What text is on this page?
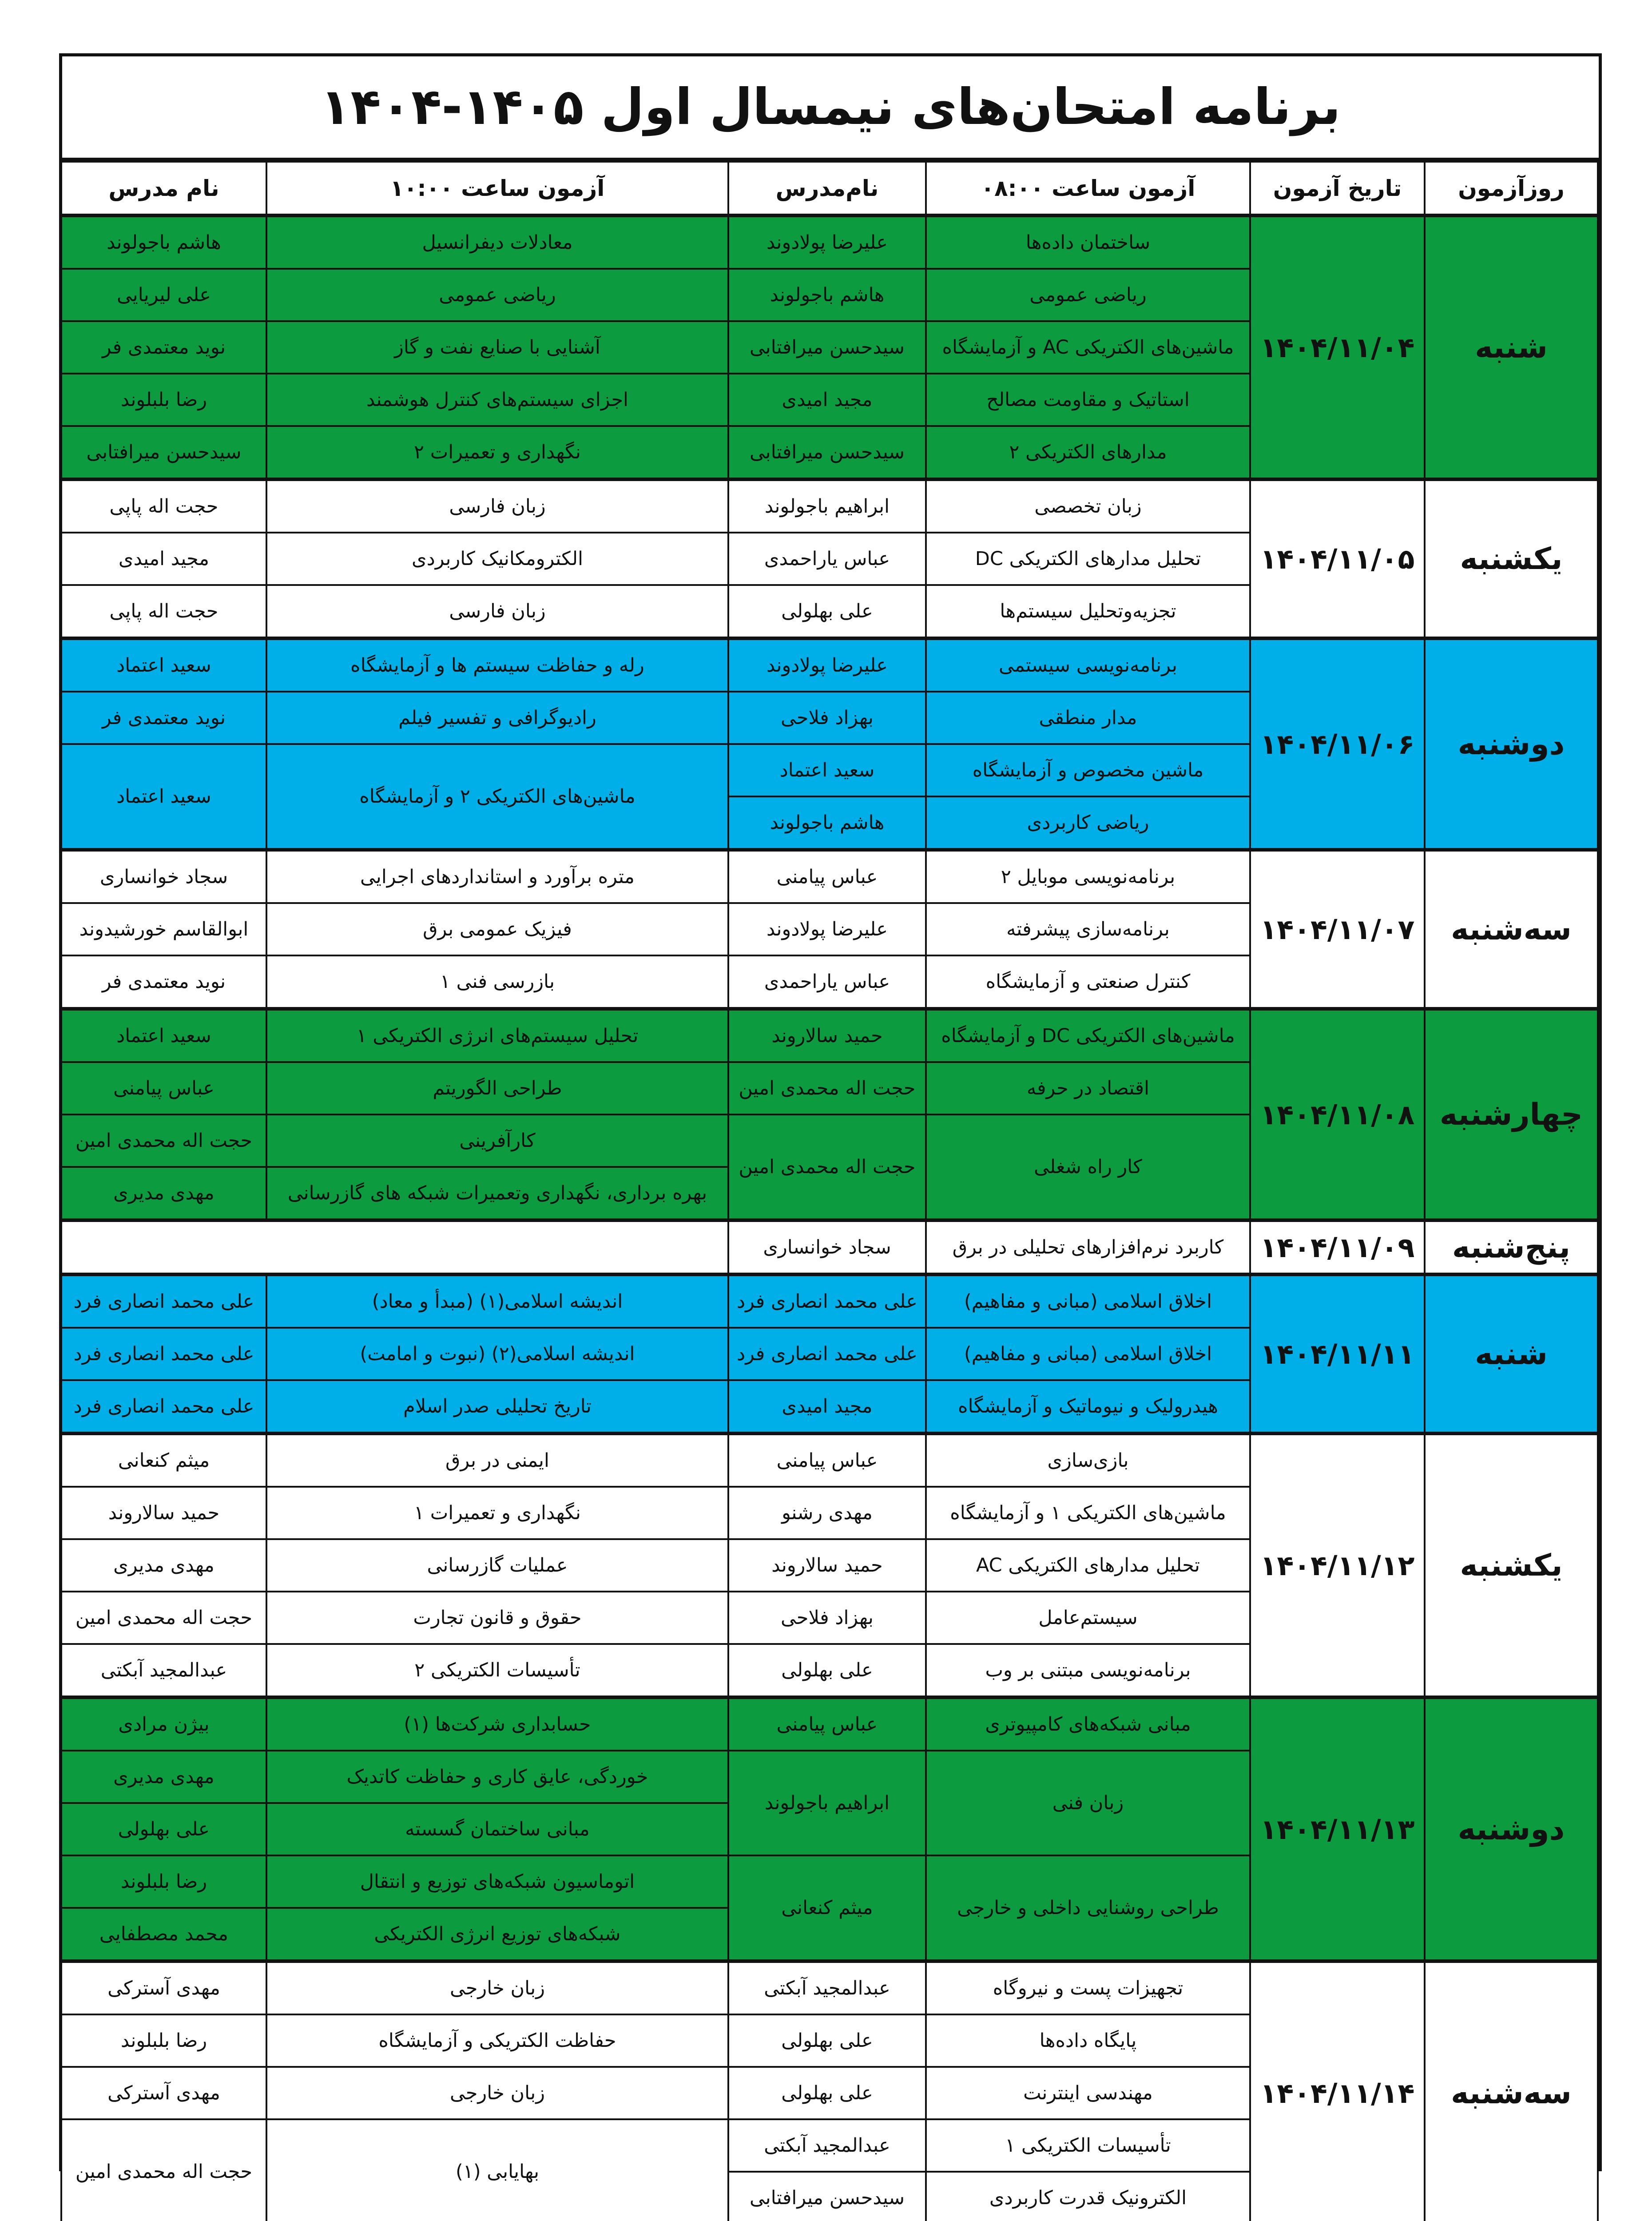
برنامه امتحان‌های نیمسال اول ۱۴۰۵-۱۴۰۴
روزآزمون	تاریخ آزمون	آزمون ساعت ۰۸:۰۰	نام‌مدرس	آزمون ساعت ۱۰:۰۰	نام مدرس
شنبه	۱۴۰۴/۱۱/۰۴	ساختمان داده‌ها	علیرضا پولادوند	معادلات دیفرانسیل	هاشم باجولوند
		ریاضی عمومی	هاشم باجولوند	ریاضی عمومی	علی لیریایی
		ماشین‌های الکتریکی AC و آزمایشگاه	سیدحسن میرافتابی	آشنایی با صنایع نفت و گاز	نوید معتمدی فر
		استاتیک و مقاومت مصالح	مجید امیدی	اجزای سیستم‌های کنترل هوشمند	رضا بلبلوند
		مدارهای الکتریکی ۲	سیدحسن میرافتابی	نگهداری و تعمیرات ۲	سیدحسن میرافتابی
یکشنبه	۱۴۰۴/۱۱/۰۵	زبان تخصصی	ابراهیم باجولوند	زبان فارسی	حجت اله پاپی
		تحلیل مدارهای الکتریکی DC	عباس یاراحمدی	الکترومکانیک کاربردی	مجید امیدی
		تجزیه‌وتحلیل سیستم‌ها	علی بهلولی	زبان فارسی	حجت اله پاپی
دوشنبه	۱۴۰۴/۱۱/۰۶	برنامه‌نویسی سیستمی	علیرضا پولادوند	رله و حفاظت سیستم ها و آزمایشگاه	سعید اعتماد
		مدار منطقی	بهزاد فلاحی	رادیوگرافی و تفسیر فیلم	نوید معتمدی فر
		ماشین مخصوص و آزمایشگاه	سعید اعتماد	ماشین‌های الکتریکی ۲ و آزمایشگاه	سعید اعتماد
		ریاضی کاربردی	هاشم باجولوند		
سه‌شنبه	۱۴۰۴/۱۱/۰۷	برنامه‌نویسی موبایل ۲	عباس پیامنی	متره برآورد و استانداردهای اجرایی	سجاد خوانساری
		برنامه‌سازی پیشرفته	علیرضا پولادوند	فیزیک عمومی برق	ابوالقاسم خورشیدوند
		کنترل صنعتی و آزمایشگاه	عباس یاراحمدی	بازرسی فنی ۱	نوید معتمدی فر
چهارشنبه	۱۴۰۴/۱۱/۰۸	ماشین‌های الکتریکی DC و آزمایشگاه	حمید سالاروند	تحلیل سیستم‌های انرژی الکتریکی ۱	سعید اعتماد
		اقتصاد در حرفه	حجت اله محمدی امین	طراحی الگوریتم	عباس پیامنی
		کار راه شغلی	حجت اله محمدی امین	کارآفرینی	حجت اله محمدی امین
				بهره برداری، نگهداری وتعمیرات شبکه های گازرسانی	مهدی مدیری
پنج‌شنبه	۱۴۰۴/۱۱/۰۹	کاربرد نرم‌افزارهای تحلیلی در برق	سجاد خوانساری		
شنبه	۱۴۰۴/۱۱/۱۱	اخلاق اسلامی (مبانی و مفاهیم)	علی محمد انصاری فرد	اندیشه اسلامی(۱) (مبدأ و معاد)	علی محمد انصاری فرد
		اخلاق اسلامی (مبانی و مفاهیم)	علی محمد انصاری فرد	اندیشه اسلامی(۲) (نبوت و امامت)	علی محمد انصاری فرد
		هیدرولیک و نیوماتیک و آزمایشگاه	مجید امیدی	تاریخ تحلیلی صدر اسلام	علی محمد انصاری فرد
یکشنبه	۱۴۰۴/۱۱/۱۲	بازی‌سازی	عباس پیامنی	ایمنی در برق	میثم کنعانی
		ماشین‌های الکتریکی ۱ و آزمایشگاه	مهدی رشنو	نگهداری و تعمیرات ۱	حمید سالاروند
		تحلیل مدارهای الکتریکی AC	حمید سالاروند	عملیات گازرسانی	مهدی مدیری
		سیستم‌عامل	بهزاد فلاحی	حقوق و قانون تجارت	حجت اله محمدی امین
		برنامه‌نویسی مبتنی بر وب	علی بهلولی	تأسیسات الکتریکی ۲	عبدالمجید آبکتی
دوشنبه	۱۴۰۴/۱۱/۱۳	مبانی شبکه‌های کامپیوتری	عباس پیامنی	حسابداری شرکت‌ها (۱)	بیژن مرادی
		زبان فنی	ابراهیم باجولوند	خوردگی، عایق کاری و حفاظت کاتدیک	مهدی مدیری
				مبانی ساختمان گسسته	علی بهلولی
		طراحی روشنایی داخلی و خارجی	میثم کنعانی	اتوماسیون شبکه‌های توزیع و انتقال	رضا بلبلوند
				شبکه‌های توزیع انرژی الکتریکی	محمد مصطفایی
سه‌شنبه	۱۴۰۴/۱۱/۱۴	تجهیزات پست و نیروگاه	عبدالمجید آبکتی	زبان خارجی	مهدی آسترکی
		پایگاه داده‌ها	علی بهلولی	حفاظت الکتریکی و آزمایشگاه	رضا بلبلوند
		مهندسی اینترنت	علی بهلولی	زبان خارجی	مهدی آسترکی
		تأسیسات الکتریکی ۱	عبدالمجید آبکتی	بهایابی (۱)	حجت اله محمدی امین
		الکترونیک قدرت کاربردی	سیدحسن میرافتابی		
